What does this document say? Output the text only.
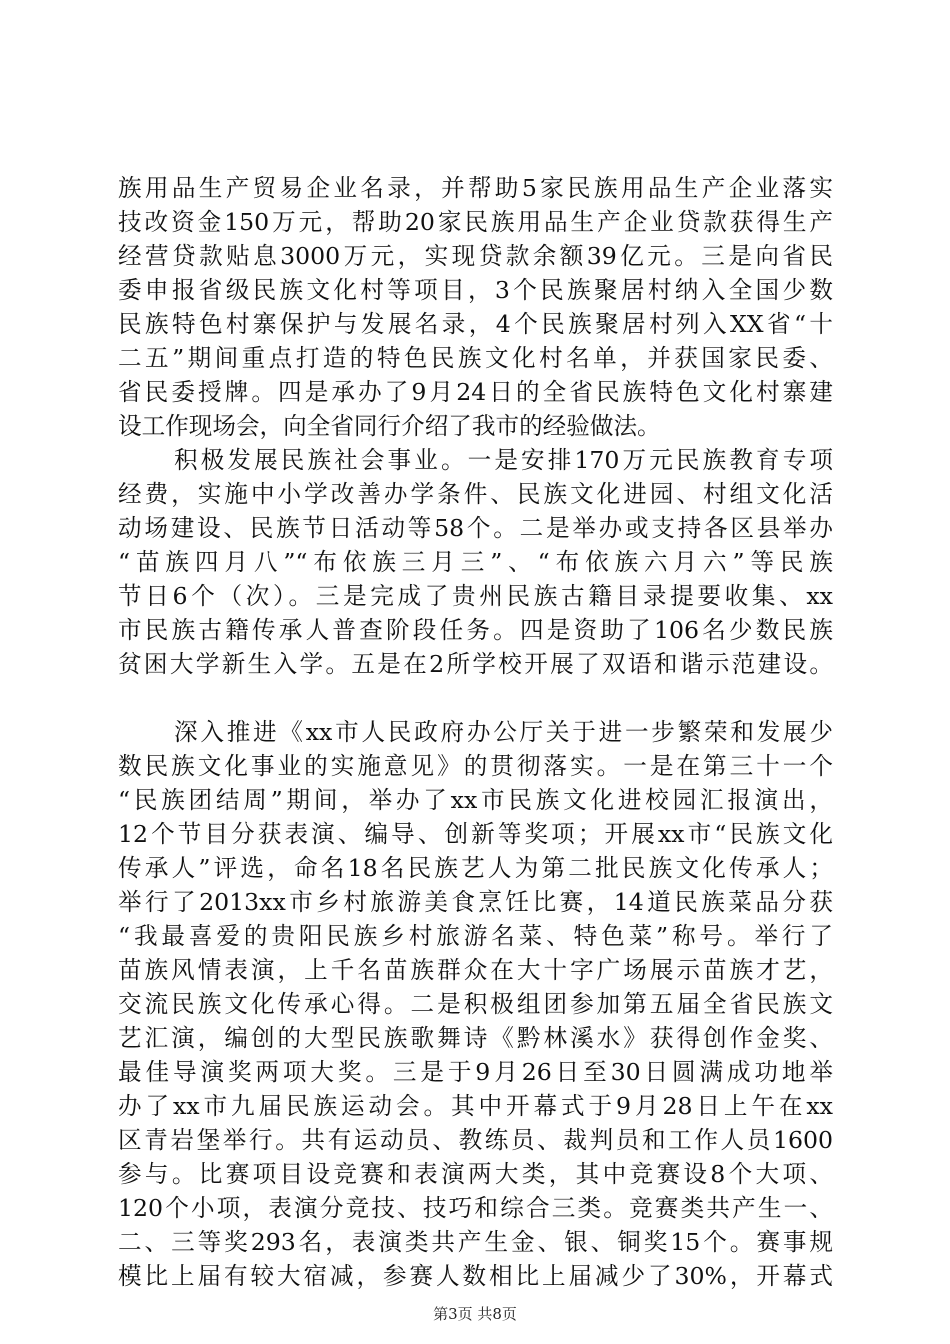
族用品生产贸易企业名录，并帮助5家民族用品生产企业落实
技改资金150万元，帮助20家民族用品生产企业贷款获得生产
经营贷款贴息3000万元，实现贷款余额39亿元。三是向省民
委申报省级民族文化村等项目，3个民族聚居村纳入全国少数
民族特色村寨保护与发展名录，4个民族聚居村列入XX省“十
二五”期间重点打造的特色民族文化村名单，并获国家民委、
省民委授牌。四是承办了9月24日的全省民族特色文化村寨建
设工作现场会，向全省同行介绍了我市的经验做法。
积极发展民族社会事业。一是安排170万元民族教育专项
经费，实施中小学改善办学条件、民族文化进园、村组文化活
动场建设、民族节日活动等58个。二是举办或支持各区县举办
“苗族四月八”“布依族三月三”、“布依族六月六”等民族
节日6个（次）。三是完成了贵州民族古籍目录提要收集、xx
市民族古籍传承人普查阶段任务。四是资助了106名少数民族
贫困大学新生入学。五是在2所学校开展了双语和谐示范建设。
深入推进《xx市人民政府办公厅关于进一步繁荣和发展少
数民族文化事业的实施意见》的贯彻落实。一是在第三十一个
“民族团结周”期间，举办了xx市民族文化进校园汇报演出，
12个节目分获表演、编导、创新等奖项；开展xx市“民族文化
传承人”评选，命名18名民族艺人为第二批民族文化传承人；
举行了2013xx市乡村旅游美食烹饪比赛，14道民族菜品分获
“我最喜爱的贵阳民族乡村旅游名菜、特色菜”称号。举行了
苗族风情表演，上千名苗族群众在大十字广场展示苗族才艺，
交流民族文化传承心得。二是积极组团参加第五届全省民族文
艺汇演，编创的大型民族歌舞诗《黔林溪水》获得创作金奖、
最佳导演奖两项大奖。三是于9月26日至30日圆满成功地举
办了xx市九届民族运动会。其中开幕式于9月28日上午在xx
区青岩堡举行。共有运动员、教练员、裁判员和工作人员1600
参与。比赛项目设竞赛和表演两大类，其中竞赛设8个大项、
120个小项，表演分竞技、技巧和综合三类。竞赛类共产生一、
二、三等奖293名，表演类共产生金、银、铜奖15个。赛事规
模比上届有较大宿减，参赛人数相比上届减少了30%，开幕式
第3页 共8页
